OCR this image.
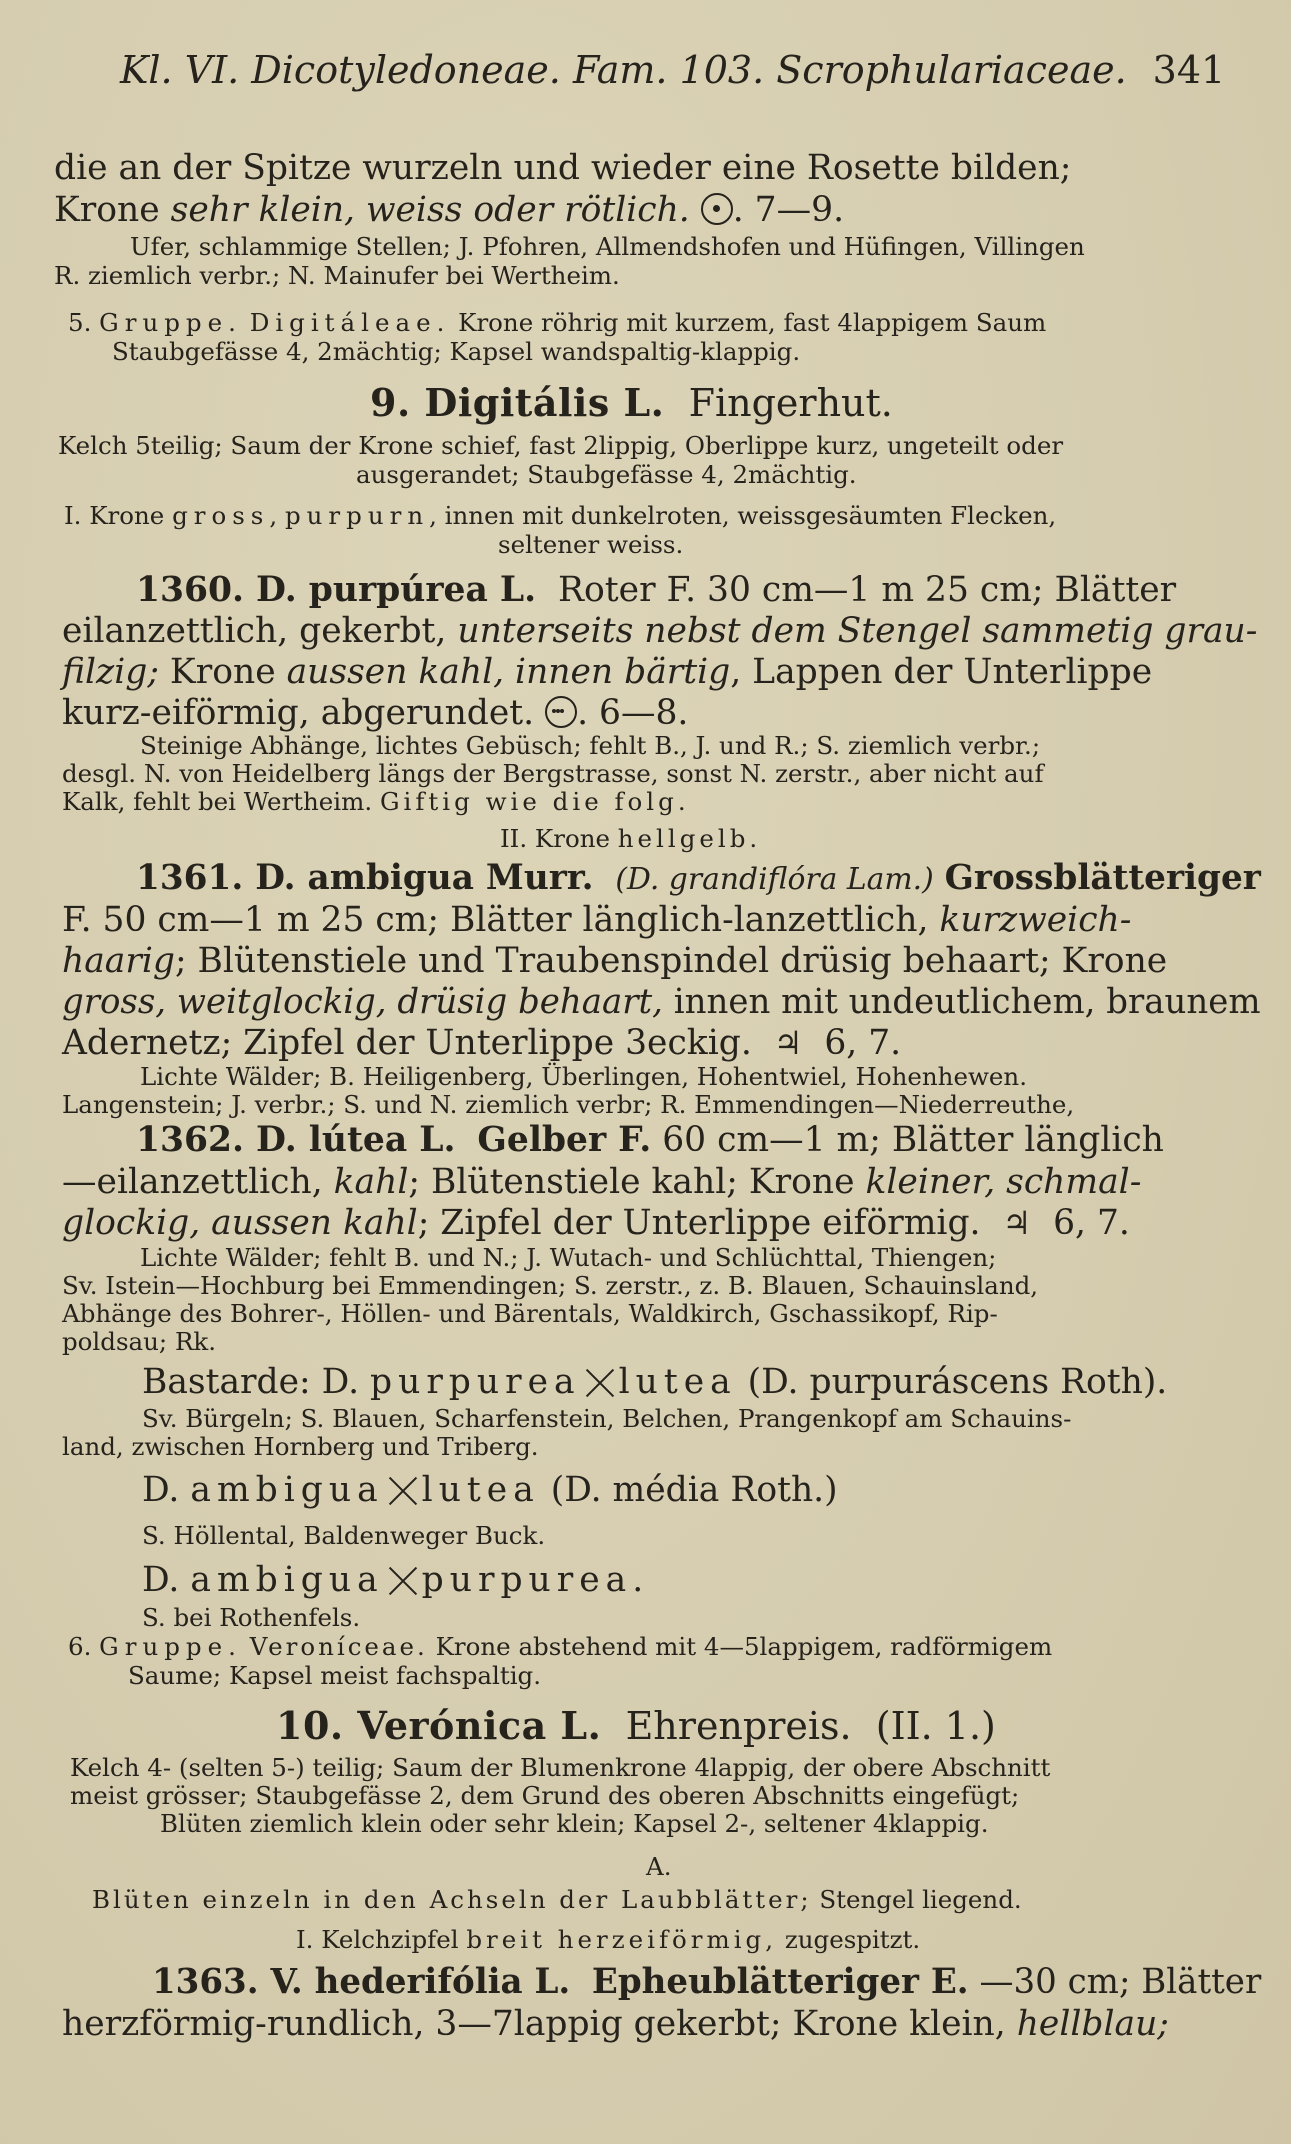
Kl. VI. Dicotyledoneae. Fam. 103. Scrophulariaceae. 341

die an der Spitze wurzeln und wieder eine Rosette bilden;

Krone sehr klein, weiss oder rötlich. . 7—9.

Ufer, schlammige Stellen; J. Pfohren, Allmendshofen und Hüfingen, Villingen

R. ziemlich verbr.; N. Mainufer bei Wertheim.

5. Gruppe. Digitáleae. Krone röhrig mit kurzem, fast 4lappigem Saum

Staubgefässe 4, 2mächtig; Kapsel wandspaltig-klappig.

9. Digitális L. Fingerhut.

Kelch 5teilig; Saum der Krone schief, fast 2lippig, Oberlippe kurz, ungeteilt oder

ausgerandet; Staubgefässe 4, 2mächtig.

I. Krone gross, purpurn, innen mit dunkelroten, weissgesäumten Flecken,

seltener weiss.

1360. D. purpúrea L. Roter F. 30 cm—1 m 25 cm; Blätter

eilanzettlich, gekerbt, unterseits nebst dem Stengel sammetig grau-

filzig; Krone aussen kahl, innen bärtig, Lappen der Unterlippe

kurz-eiförmig, abgerundet. . 6—8.

Steinige Abhänge, lichtes Gebüsch; fehlt B., J. und R.; S. ziemlich verbr.;

desgl. N. von Heidelberg längs der Bergstrasse, sonst N. zerstr., aber nicht auf

Kalk, fehlt bei Wertheim. Giftig wie die folg.

II. Krone hellgelb.

1361. D. ambigua Murr. (D. grandiflóra Lam.) Grossblätteriger

F. 50 cm—1 m 25 cm; Blätter länglich-lanzettlich, kurzweich-

haarig; Blütenstiele und Traubenspindel drüsig behaart; Krone

gross, weitglockig, drüsig behaart, innen mit undeutlichem, braunem

Adernetz; Zipfel der Unterlippe 3eckig. ♃ 6, 7.

Lichte Wälder; B. Heiligenberg, Überlingen, Hohentwiel, Hohenhewen.

Langenstein; J. verbr.; S. und N. ziemlich verbr; R. Emmendingen—Niederreuthe,

1362. D. lútea L. Gelber F. 60 cm—1 m; Blätter länglich

—eilanzettlich, kahl; Blütenstiele kahl; Krone kleiner, schmal-

glockig, aussen kahl; Zipfel der Unterlippe eiförmig. ♃ 6, 7.

Lichte Wälder; fehlt B. und N.; J. Wutach- und Schlüchttal, Thiengen;

Sv. Istein—Hochburg bei Emmendingen; S. zerstr., z. B. Blauen, Schauinsland,

Abhänge des Bohrer-, Höllen- und Bärentals, Waldkirch, Gschassikopf, Rip-

poldsau; Rk.

Bastarde: D. purpurea lutea (D. purpuráscens Roth).

Sv. Bürgeln; S. Blauen, Scharfenstein, Belchen, Prangenkopf am Schauins-

land, zwischen Hornberg und Triberg.

D. ambigua lutea (D. média Roth.)

S. Höllental, Baldenweger Buck.

D. ambigua purpurea.

S. bei Rothenfels.

6. Gruppe. Veroníceae. Krone abstehend mit 4—5lappigem, radförmigem

Saume; Kapsel meist fachspaltig.

10. Verónica L. Ehrenpreis. (II. 1.)

Kelch 4- (selten 5-) teilig; Saum der Blumenkrone 4lappig, der obere Abschnitt

meist grösser; Staubgefässe 2, dem Grund des oberen Abschnitts eingefügt;

Blüten ziemlich klein oder sehr klein; Kapsel 2-, seltener 4klappig.

A.

Blüten einzeln in den Achseln der Laubblätter; Stengel liegend.

I. Kelchzipfel breit herzeiförmig, zugespitzt.

1363. V. hederifólia L. Epheublätteriger E. —30 cm; Blätter

herzförmig-rundlich, 3—7lappig gekerbt; Krone klein, hellblau;
